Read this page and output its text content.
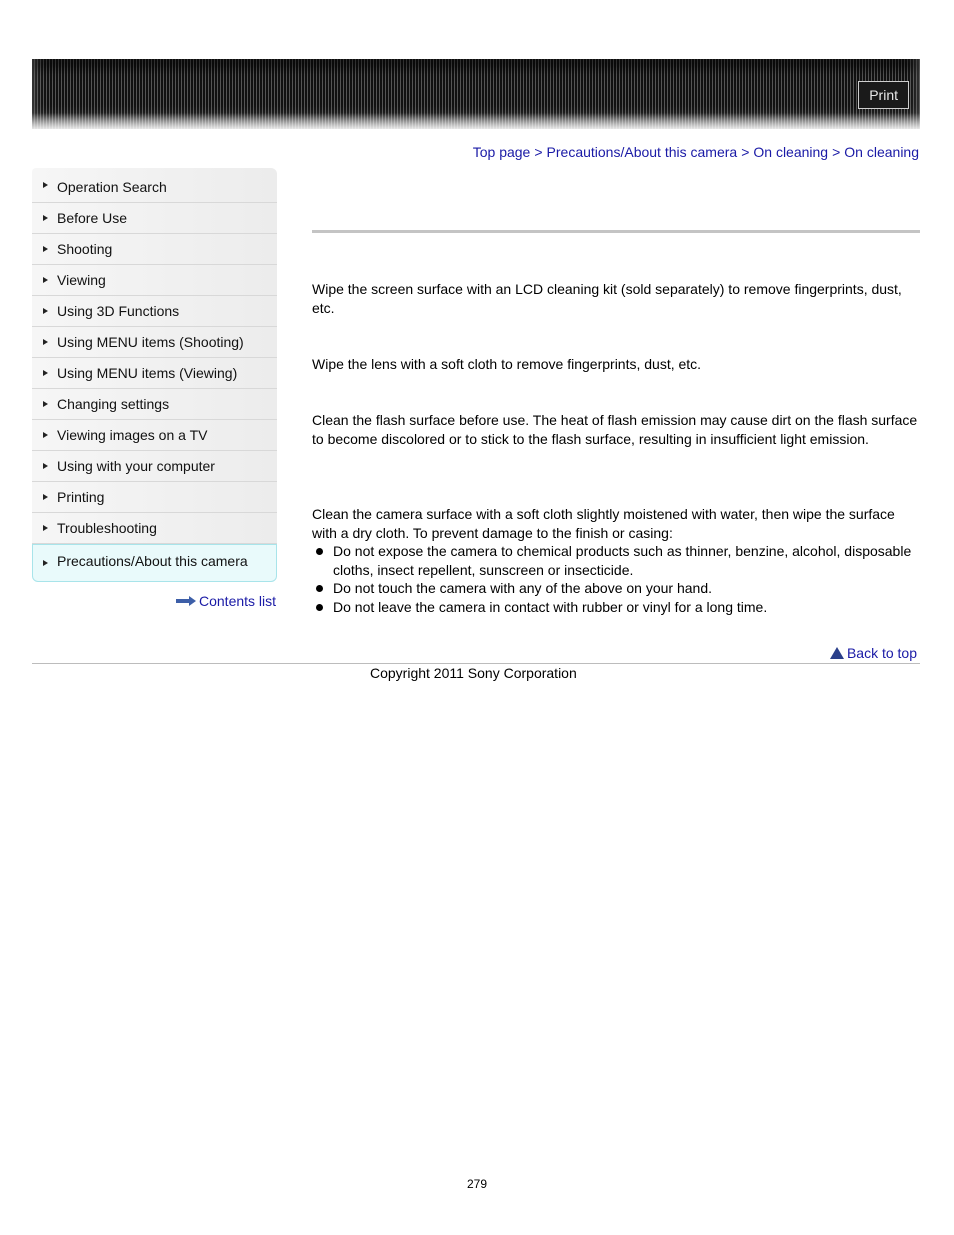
Print
Top page > Precautions/About this camera > On cleaning > On cleaning
Operation Search
Before Use
Shooting
Viewing
Using 3D Functions
Using MENU items (Shooting)
Using MENU items (Viewing)
Changing settings
Viewing images on a TV
Using with your computer
Printing
Troubleshooting
Precautions/About this camera
Contents list

Wipe the screen surface with an LCD cleaning kit (sold separately) to remove fingerprints, dust, etc.

Wipe the lens with a soft cloth to remove fingerprints, dust, etc.

Clean the flash surface before use. The heat of flash emission may cause dirt on the flash surface to become discolored or to stick to the flash surface, resulting in insufficient light emission.

Clean the camera surface with a soft cloth slightly moistened with water, then wipe the surface with a dry cloth. To prevent damage to the finish or casing:

Do not expose the camera to chemical products such as thinner, benzine, alcohol, disposable cloths, insect repellent, sunscreen or insecticide.
Do not touch the camera with any of the above on your hand.
Do not leave the camera in contact with rubber or vinyl for a long time.
Back to top
Copyright 2011 Sony Corporation
279
